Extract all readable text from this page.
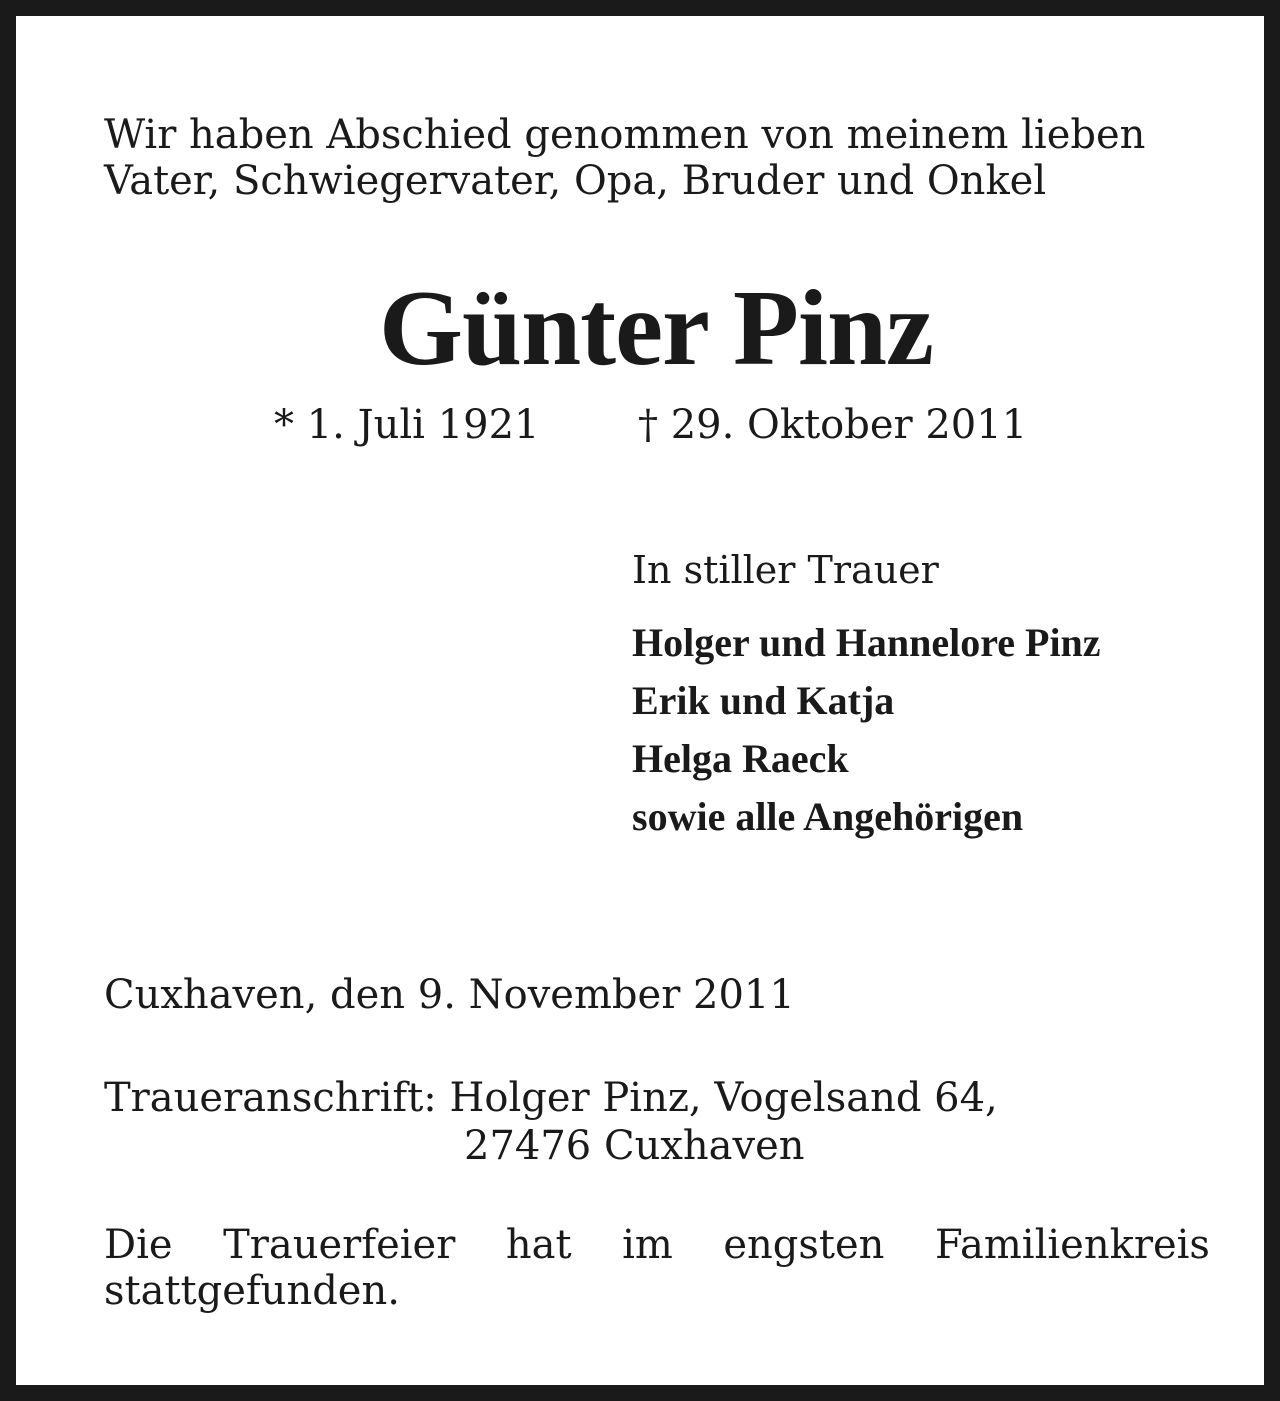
Wir haben Abschied genommen von meinem lieben
Vater, Schwiegervater, Opa, Bruder und Onkel

Günter Pinz

* 1. Juli 1921 † 29. Oktober 2011

In stiller Trauer

Holger und Hannelore Pinz
Erik und Katja
Helga Raeck
sowie alle Angehörigen

Cuxhaven, den 9. November 2011

Traueranschrift: Holger Pinz, Vogelsand 64,
27476 Cuxhaven

Die Trauerfeier hat im engsten Familienkreis
stattgefunden.
